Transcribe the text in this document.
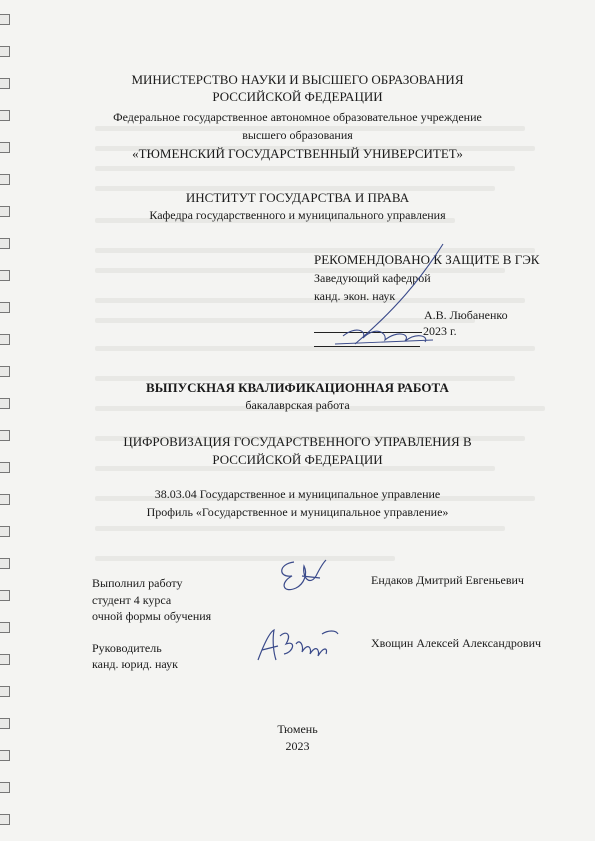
МИНИСТЕРСТВО НАУКИ И ВЫСШЕГО ОБРАЗОВАНИЯ
РОССИЙСКОЙ ФЕДЕРАЦИИ
Федеральное государственное автономное образовательное учреждение
высшего образования
«ТЮМЕНСКИЙ ГОСУДАРСТВЕННЫЙ УНИВЕРСИТЕТ»
ИНСТИТУТ ГОСУДАРСТВА И ПРАВА
Кафедра государственного и муниципального управления
РЕКОМЕНДОВАНО К ЗАЩИТЕ В ГЭК
Заведующий кафедрой
канд. экон. наук
А.В. Любаненко
2023 г.
ВЫПУСКНАЯ КВАЛИФИКАЦИОННАЯ РАБОТА
бакалаврская работа
ЦИФРОВИЗАЦИЯ ГОСУДАРСТВЕННОГО УПРАВЛЕНИЯ В
РОССИЙСКОЙ ФЕДЕРАЦИИ
38.03.04 Государственное и муниципальное управление
Профиль «Государственное и муниципальное управление»
Выполнил работу
студент 4 курса
очной формы обучения
Ендаков Дмитрий Евгеньевич
Руководитель
канд. юрид. наук
Хвощин Алексей Александрович
Тюмень
2023
